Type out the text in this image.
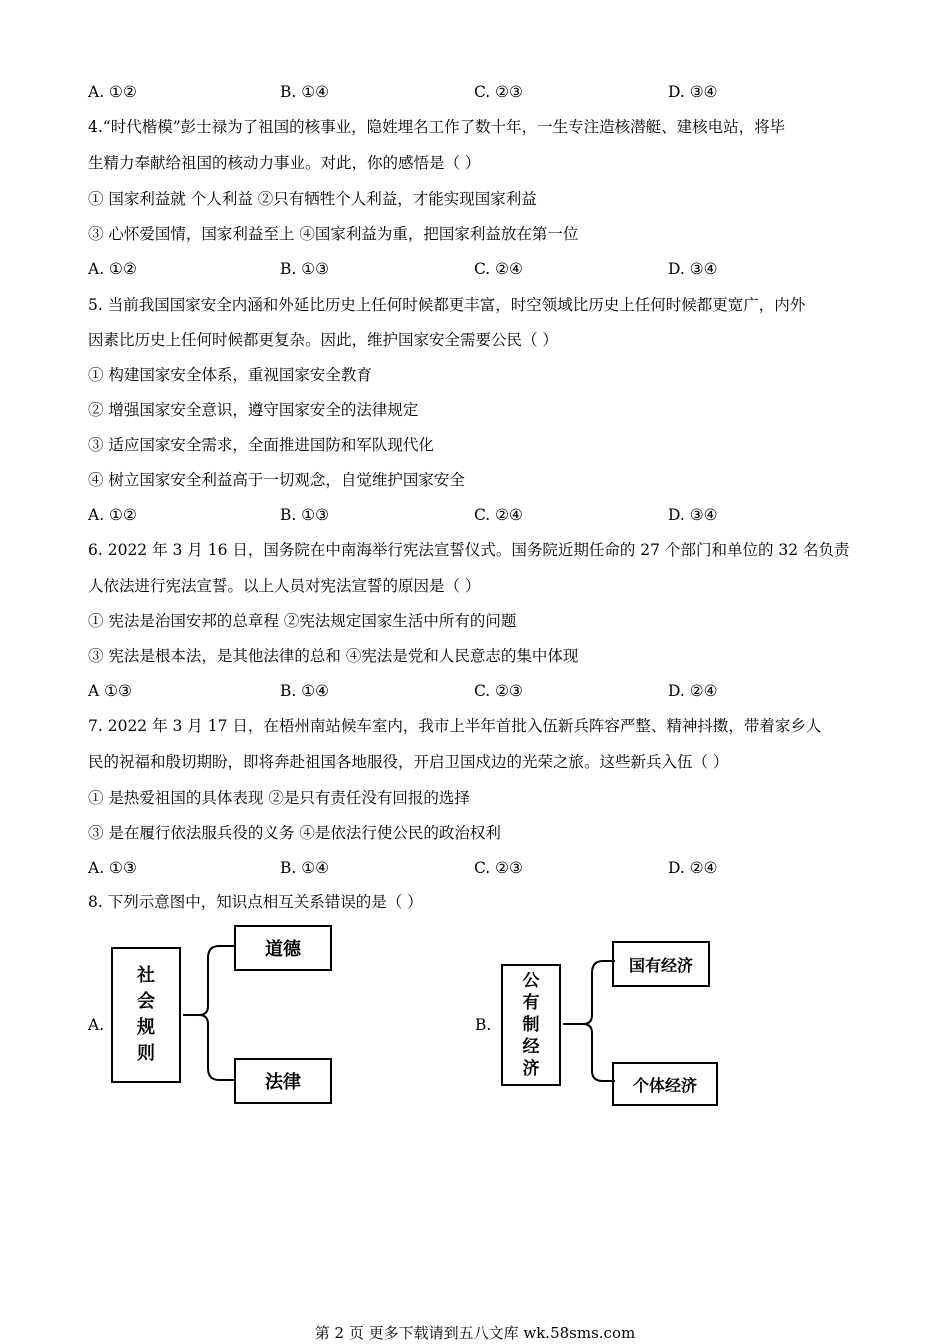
A. ①②	B. ①④	C. ②③	D. ③④
4.“时代楷模”彭士禄为了祖国的核事业，隐姓埋名工作了数十年，一生专注造核潜艇、建核电站，将毕
生精力奉献给祖国的核动力事业。对此，你的感悟是（ ）
① 国家利益就 个人利益 ②只有牺牲个人利益，才能实现国家利益
③ 心怀爱国情，国家利益至上 ④国家利益为重，把国家利益放在第一位
A. ①②	B. ①③	C. ②④	D. ③④
5. 当前我国国家安全内涵和外延比历史上任何时候都更丰富，时空领域比历史上任何时候都更宽广，内外
因素比历史上任何时候都更复杂。因此，维护国家安全需要公民（ ）
① 构建国家安全体系，重视国家安全教育
② 增强国家安全意识，遵守国家安全的法律规定
③ 适应国家安全需求，全面推进国防和军队现代化
④ 树立国家安全利益高于一切观念，自觉维护国家安全
A. ①②	B. ①③	C. ②④	D. ③④
6. 2022 年 3 月 16 日，国务院在中南海举行宪法宣誓仪式。国务院近期任命的 27 个部门和单位的 32 名负责
人依法进行宪法宣誓。以上人员对宪法宣誓的原因是（ ）
① 宪法是治国安邦的总章程 ②宪法规定国家生活中所有的问题
③ 宪法是根本法，是其他法律的总和 ④宪法是党和人民意志的集中体现
A ①③	B. ①④	C. ②③	D. ②④
7. 2022 年 3 月 17 日，在梧州南站候车室内，我市上半年首批入伍新兵阵容严整、精神抖擞，带着家乡人
民的祝福和殷切期盼，即将奔赴祖国各地服役，开启卫国戍边的光荣之旅。这些新兵入伍（ ）
① 是热爱祖国的具体表现 ②是只有责任没有回报的选择
③ 是在履行依法服兵役的义务 ④是依法行使公民的政治权利
A. ①③	B. ①④	C. ②③	D. ②④
8. 下列示意图中，知识点相互关系错误的是（ ）
A.
社
会
规
则
道德
法律
B.
公
有
制
经
济
国有经济
个体经济
第 2 页 更多下载请到五八文库 wk.58sms.com
